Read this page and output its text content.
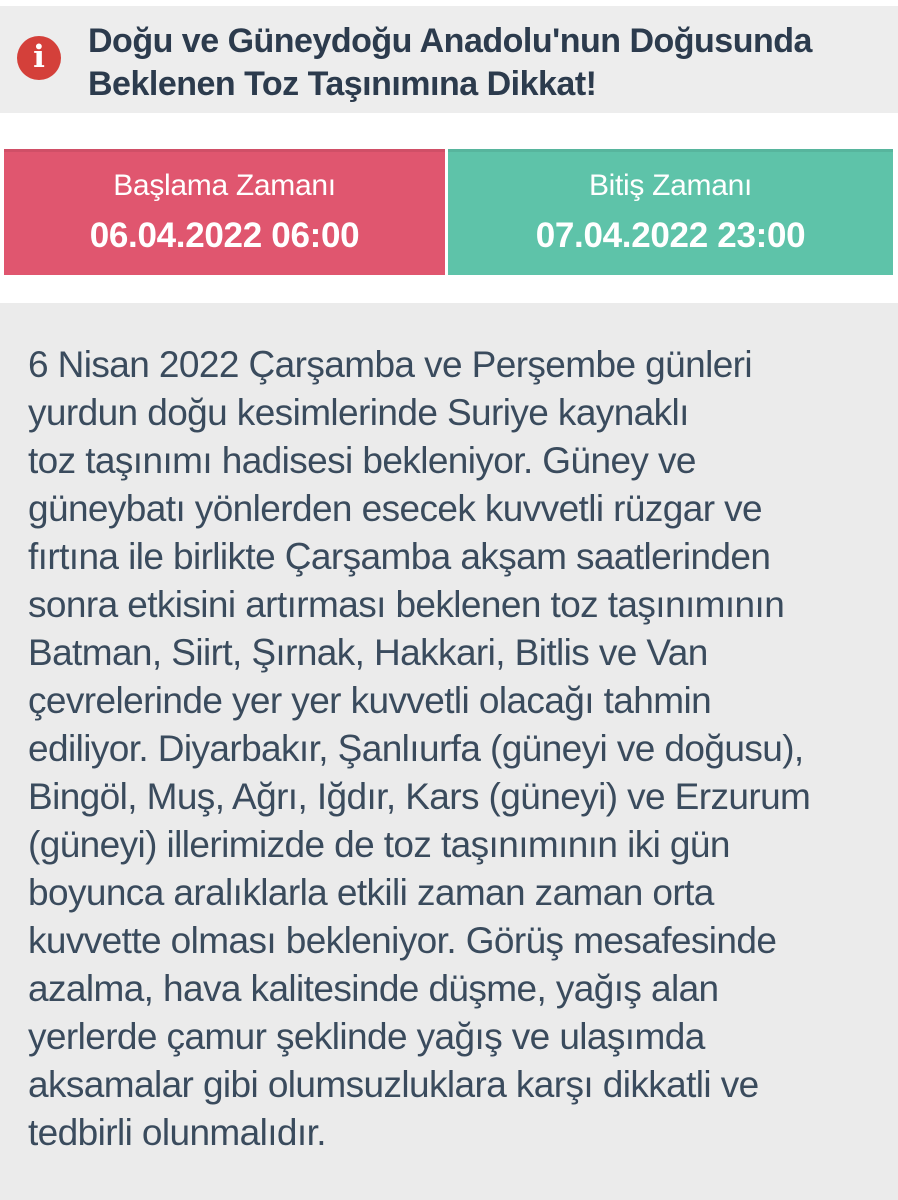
i Doğu ve Güneydoğu Anadolu'nun Doğusunda
Beklenen Toz Taşınımına Dikkat!
Başlama Zamanı
06.04.2022 06:00
Bitiş Zamanı
07.04.2022 23:00
6 Nisan 2022 Çarşamba ve Perşembe günleri
yurdun doğu kesimlerinde Suriye kaynaklı
toz taşınımı hadisesi bekleniyor. Güney ve
güneybatı yönlerden esecek kuvvetli rüzgar ve
fırtına ile birlikte Çarşamba akşam saatlerinden
sonra etkisini artırması beklenen toz taşınımının
Batman, Siirt, Şırnak, Hakkari, Bitlis ve Van
çevrelerinde yer yer kuvvetli olacağı tahmin
ediliyor. Diyarbakır, Şanlıurfa (güneyi ve doğusu),
Bingöl, Muş, Ağrı, Iğdır, Kars (güneyi) ve Erzurum
(güneyi) illerimizde de toz taşınımının iki gün
boyunca aralıklarla etkili zaman zaman orta
kuvvette olması bekleniyor. Görüş mesafesinde
azalma, hava kalitesinde düşme, yağış alan
yerlerde çamur şeklinde yağış ve ulaşımda
aksamalar gibi olumsuzluklara karşı dikkatli ve
tedbirli olunmalıdır.
